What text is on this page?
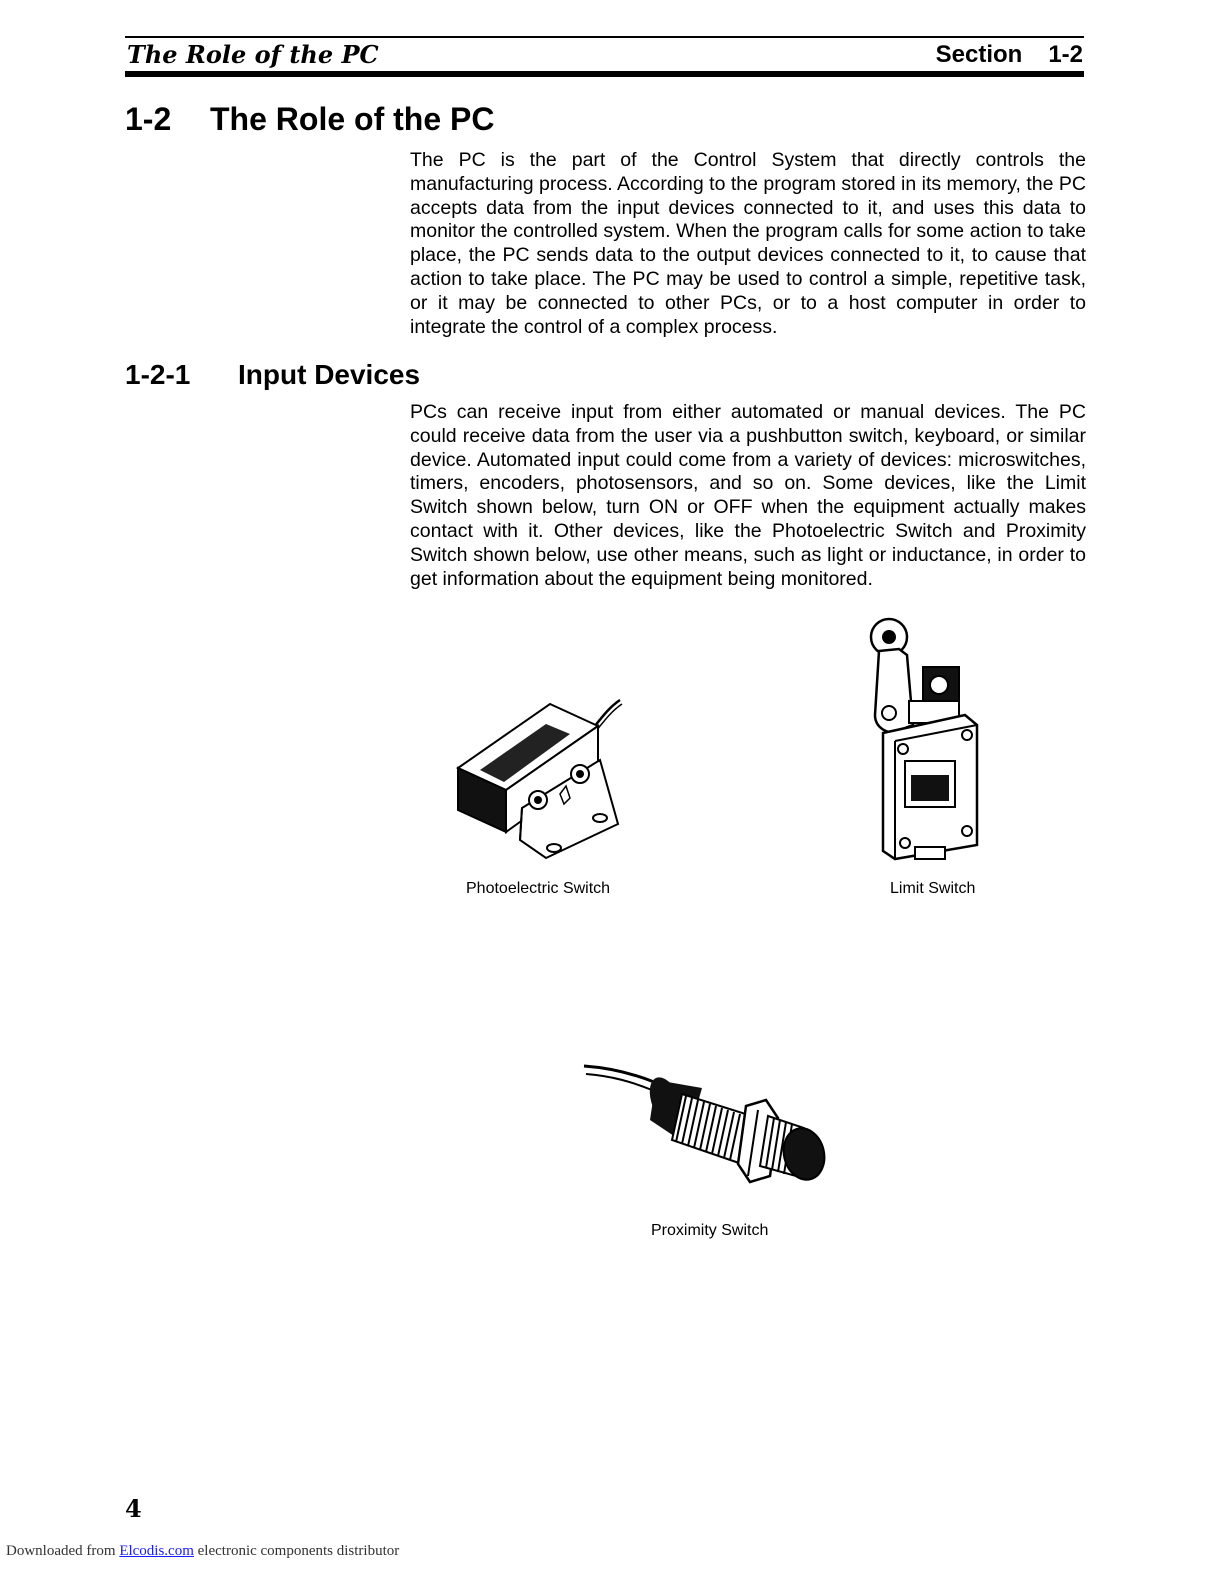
The Role of the PC	Section 1-2
1-2 The Role of the PC

The PC is the part of the Control System that directly controls the manufacturing process. According to the program stored in its memory, the PC accepts data from the input devices connected to it, and uses this data to monitor the controlled system. When the program calls for some action to take place, the PC sends data to the output devices connected to it, to cause that action to take place. The PC may be used to control a simple, repetitive task, or it may be connected to other PCs, or to a host computer in order to integrate the control of a complex process.

1-2-1 Input Devices

PCs can receive input from either automated or manual devices. The PC could receive data from the user via a pushbutton switch, keyboard, or similar device. Automated input could come from a variety of devices: microswitches, timers, encoders, photosensors, and so on. Some devices, like the Limit Switch shown below, turn ON or OFF when the equipment actually makes contact with it. Other devices, like the Photoelectric Switch and Proximity Switch shown below, use other means, such as light or inductance, in order to get information about the equipment being monitored.

Photoelectric Switch	Limit Switch
Proximity Switch
4
Downloaded from Elcodis.com electronic components distributor
